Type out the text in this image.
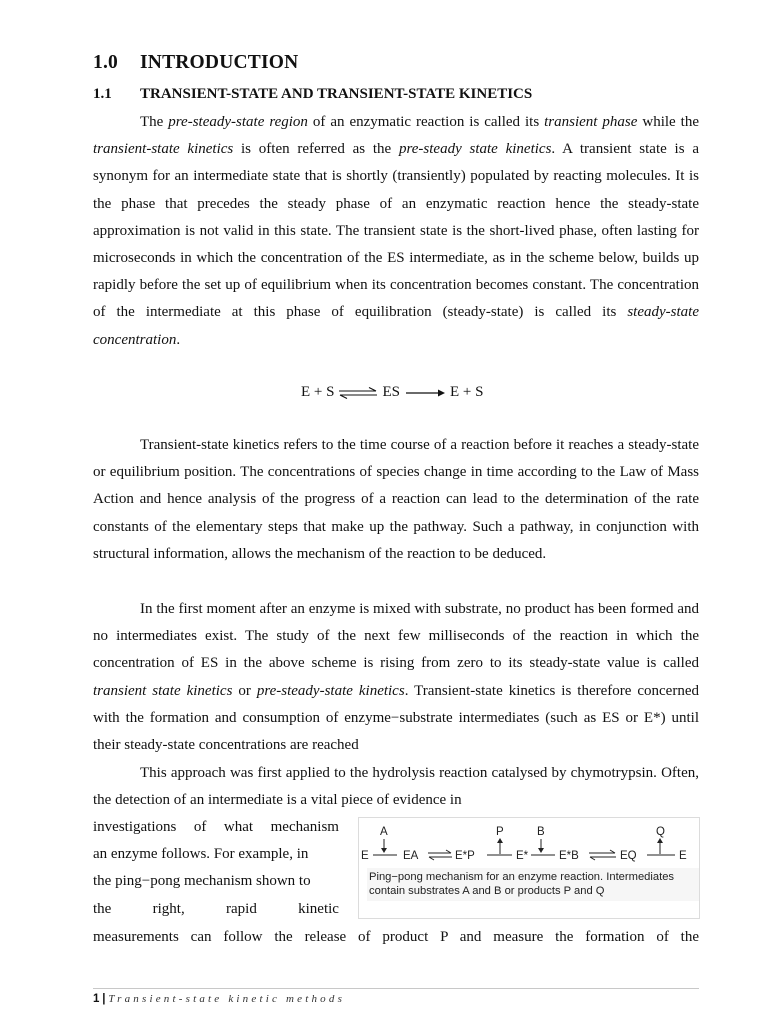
1.0 INTRODUCTION
1.1 TRANSIENT-STATE AND TRANSIENT-STATE KINETICS
The pre-steady-state region of an enzymatic reaction is called its transient phase while the transient-state kinetics is often referred as the pre-steady state kinetics. A transient state is a synonym for an intermediate state that is shortly (transiently) populated by reacting molecules. It is the phase that precedes the steady phase of an enzymatic reaction hence the steady-state approximation is not valid in this state. The transient state is the short-lived phase, often lasting for microseconds in which the concentration of the ES intermediate, as in the scheme below, builds up rapidly before the set up of equilibrium when its concentration becomes constant. The concentration of the intermediate at this phase of equilibration (steady-state) is called its steady-state concentration.
E + S ⇌ ES	E + S
Transient-state kinetics refers to the time course of a reaction before it reaches a steady-state or equilibrium position. The concentrations of species change in time according to the Law of Mass Action and hence analysis of the progress of a reaction can lead to the determination of the rate constants of the elementary steps that make up the pathway. Such a pathway, in conjunction with structural information, allows the mechanism of the reaction to be deduced.
In the first moment after an enzyme is mixed with substrate, no product has been formed and no intermediates exist. The study of the next few milliseconds of the reaction in which the concentration of ES in the above scheme is rising from zero to its steady-state value is called transient state kinetics or pre-steady-state kinetics. Transient-state kinetics is therefore concerned with the formation and consumption of enzyme−substrate intermediates (such as ES or E*) until their steady-state concentrations are reached
This approach was first applied to the hydrolysis reaction catalysed by chymotrypsin. Often, the detection of an intermediate is a vital piece of evidence in
investigations of what mechanism
an enzyme follows. For example, in
the ping−pong mechanism shown to
the	right,	rapid	kinetic
A	P	B	Q
E	EA	E*P	E*	E*B	EQ	E
Ping−pong mechanism for an enzyme reaction. Intermediates contain substrates A and B or products P and Q
measurements can follow the release of product P and measure the formation of the
1 | Transient-state kinetic methods
